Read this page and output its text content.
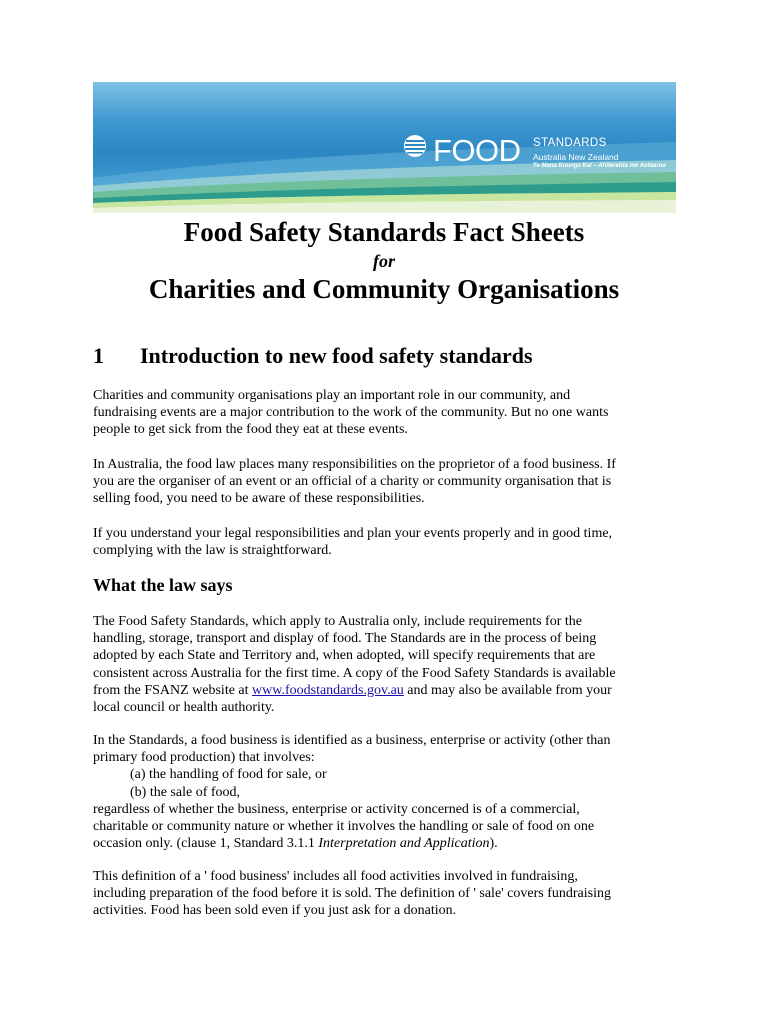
FOOD STANDARDS
Australia New Zealand
Te Mana Kounga Kai – Ahitereiria me Aotearoa
Food Safety Standards Fact Sheets
for
Charities and Community Organisations
1 Introduction to new food safety standards
Charities and community organisations play an important role in our community, and
fundraising events are a major contribution to the work of the community. But no one wants
people to get sick from the food they eat at these events.
In Australia, the food law places many responsibilities on the proprietor of a food business. If
you are the organiser of an event or an official of a charity or community organisation that is
selling food, you need to be aware of these responsibilities.
If you understand your legal responsibilities and plan your events properly and in good time,
complying with the law is straightforward.
What the law says
The Food Safety Standards, which apply to Australia only, include requirements for the
handling, storage, transport and display of food. The Standards are in the process of being
adopted by each State and Territory and, when adopted, will specify requirements that are
consistent across Australia for the first time. A copy of the Food Safety Standards is available
from the FSANZ website at www.foodstandards.gov.au and may also be available from your
local council or health authority.
In the Standards, a food business is identified as a business, enterprise or activity (other than
primary food production) that involves:
(a) the handling of food for sale, or
(b) the sale of food,
regardless of whether the business, enterprise or activity concerned is of a commercial,
charitable or community nature or whether it involves the handling or sale of food on one
occasion only. (clause 1, Standard 3.1.1 Interpretation and Application).
This definition of a ' food business' includes all food activities involved in fundraising,
including preparation of the food before it is sold. The definition of ' sale' covers fundraising
activities. Food has been sold even if you just ask for a donation.
